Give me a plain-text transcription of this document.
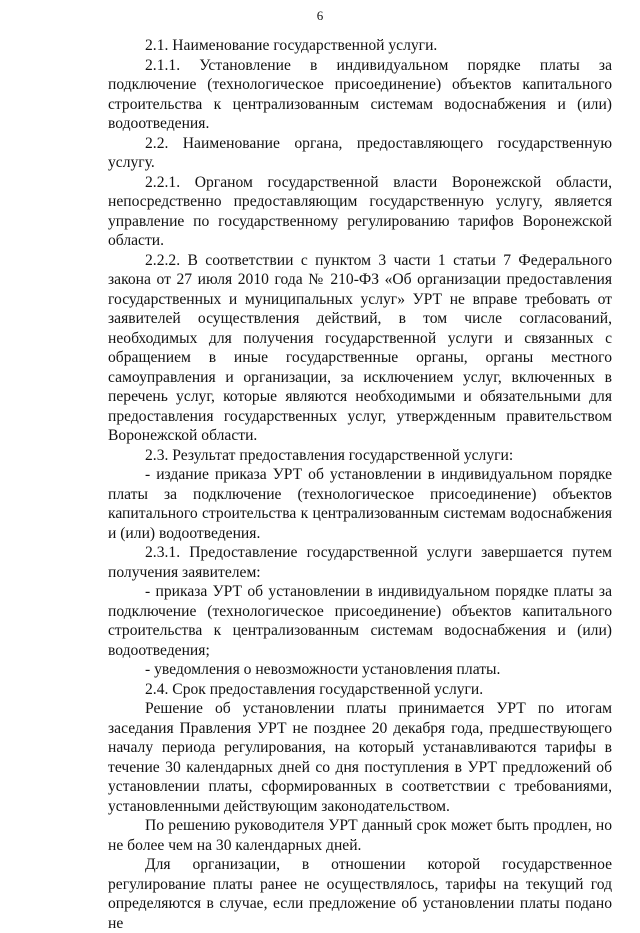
6

2.1. Наименование государственной услуги.

2.1.1. Установление в индивидуальном порядке платы за подключение (технологическое присоединение) объектов капитального строительства к централизованным системам водоснабжения и (или) водоотведения.

2.2. Наименование органа, предоставляющего государственную услугу.

2.2.1. Органом государственной власти Воронежской области, непосредственно предоставляющим государственную услугу, является управление по государственному регулированию тарифов Воронежской области.

2.2.2. В соответствии с пунктом 3 части 1 статьи 7 Федерального закона от 27 июля 2010 года № 210-ФЗ «Об организации предоставления государственных и муниципальных услуг» УРТ не вправе требовать от заявителей осуществления действий, в том числе согласований, необходимых для получения государственной услуги и связанных с обращением в иные государственные органы, органы местного самоуправления и организации, за исключением услуг, включенных в перечень услуг, которые являются необходимыми и обязательными для предоставления государственных услуг, утвержденным правительством Воронежской области.

2.3. Результат предоставления государственной услуги:

- издание приказа УРТ об установлении в индивидуальном порядке платы за подключение (технологическое присоединение) объектов капитального строительства к централизованным системам водоснабжения и (или) водоотведения.

2.3.1. Предоставление государственной услуги завершается путем получения заявителем:

- приказа УРТ об установлении в индивидуальном порядке платы за подключение (технологическое присоединение) объектов капитального строительства к централизованным системам водоснабжения и (или) водоотведения;

- уведомления о невозможности установления платы.

2.4. Срок предоставления государственной услуги.

Решение об установлении платы принимается УРТ по итогам заседания Правления УРТ не позднее 20 декабря года, предшествующего началу периода регулирования, на который устанавливаются тарифы в течение 30 календарных дней со дня поступления в УРТ предложений об установлении платы, сформированных в соответствии с требованиями, установленными действующим законодательством.

По решению руководителя УРТ данный срок может быть продлен, но не более чем на 30 календарных дней.

Для организации, в отношении которой государственное регулирование платы ранее не осуществлялось, тарифы на текущий год определяются в случае, если предложение об установлении платы подано не
